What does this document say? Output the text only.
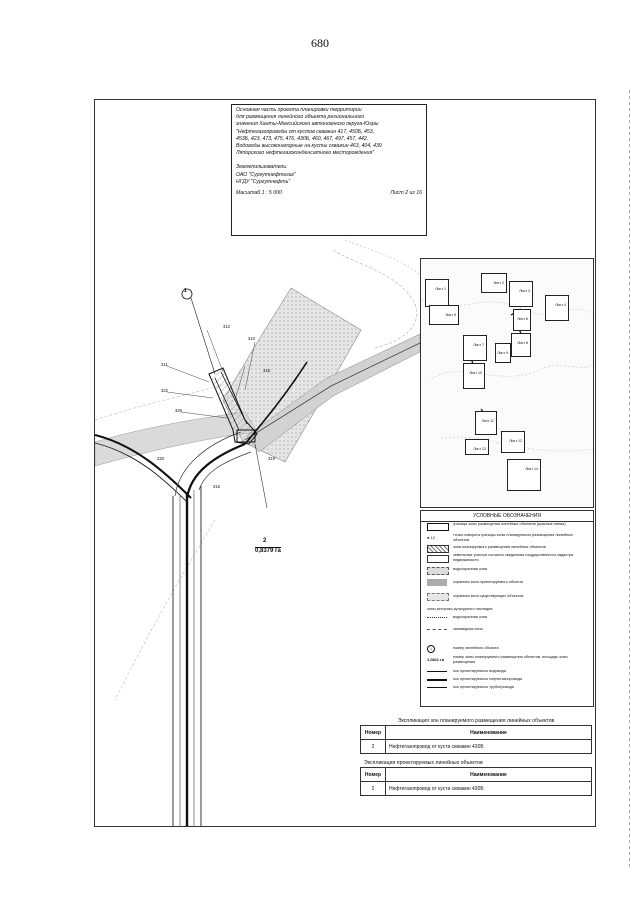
680
1
312
310
311
322
325
320
318
319
316
2
0,8379 га
Основная часть проекта планировки территории
для размещения линейного объекта регионального
значения Ханты-Мансийского автономного округа-Югры
"Нефтегазопроводы от кустов скважин 417, 450Б, 453,
453Б, 423, 473, 475, 476, 430Б, 460, 467, 497, 457, 442.
Водоводы высоконапорные на кусты скважин 463, 404, 439
Ляпорского нефтегазоконденсатного месторождения"
Землепользователь:
ОАО "Сургутнефтегаз"
НГДУ "Сургутнефть"
Масштаб 1 : 5 000	Лист 2 из 16
Лист 1
Лист 2
Лист 3
Лист 4
Лист 5
Лист 6
Лист 7	Лист 8
Лист 9
Лист 10
Лист 11
Лист 12
Лист 13
Лист 14
УСЛОВНЫЕ ОБОЗНАЧЕНИЯ
граница зоны размещения линейных объектов (красные линии)
● 12	точка поворота границы зоны планируемого размещения линейных объектов
зона планируемого размещения линейных объектов
земельные участки согласно сведениям государственного кадастра недвижимости
водоохранная зона
охранная зона проектируемого объекта
охранная зона существующих объектов
зоны историко-культурного наследия
водоохранная зона
заповедная зона
1	номер линейного объекта
1,0811 га	номер зоны планируемого размещения объектов, площадь зоны размещения
ось проектируемого водовода
ось проектируемого нефтегазопровода
ось проектируемого трубопровода
Экспликация зон планируемого размещения линейных объектов
Номер	Наименование
2	Нефтегазопровод от куста скважин 430Б
Экспликация проектируемых линейных объектов
Номер	Наименование
2	Нефтегазопровод от куста скважин 430Б
